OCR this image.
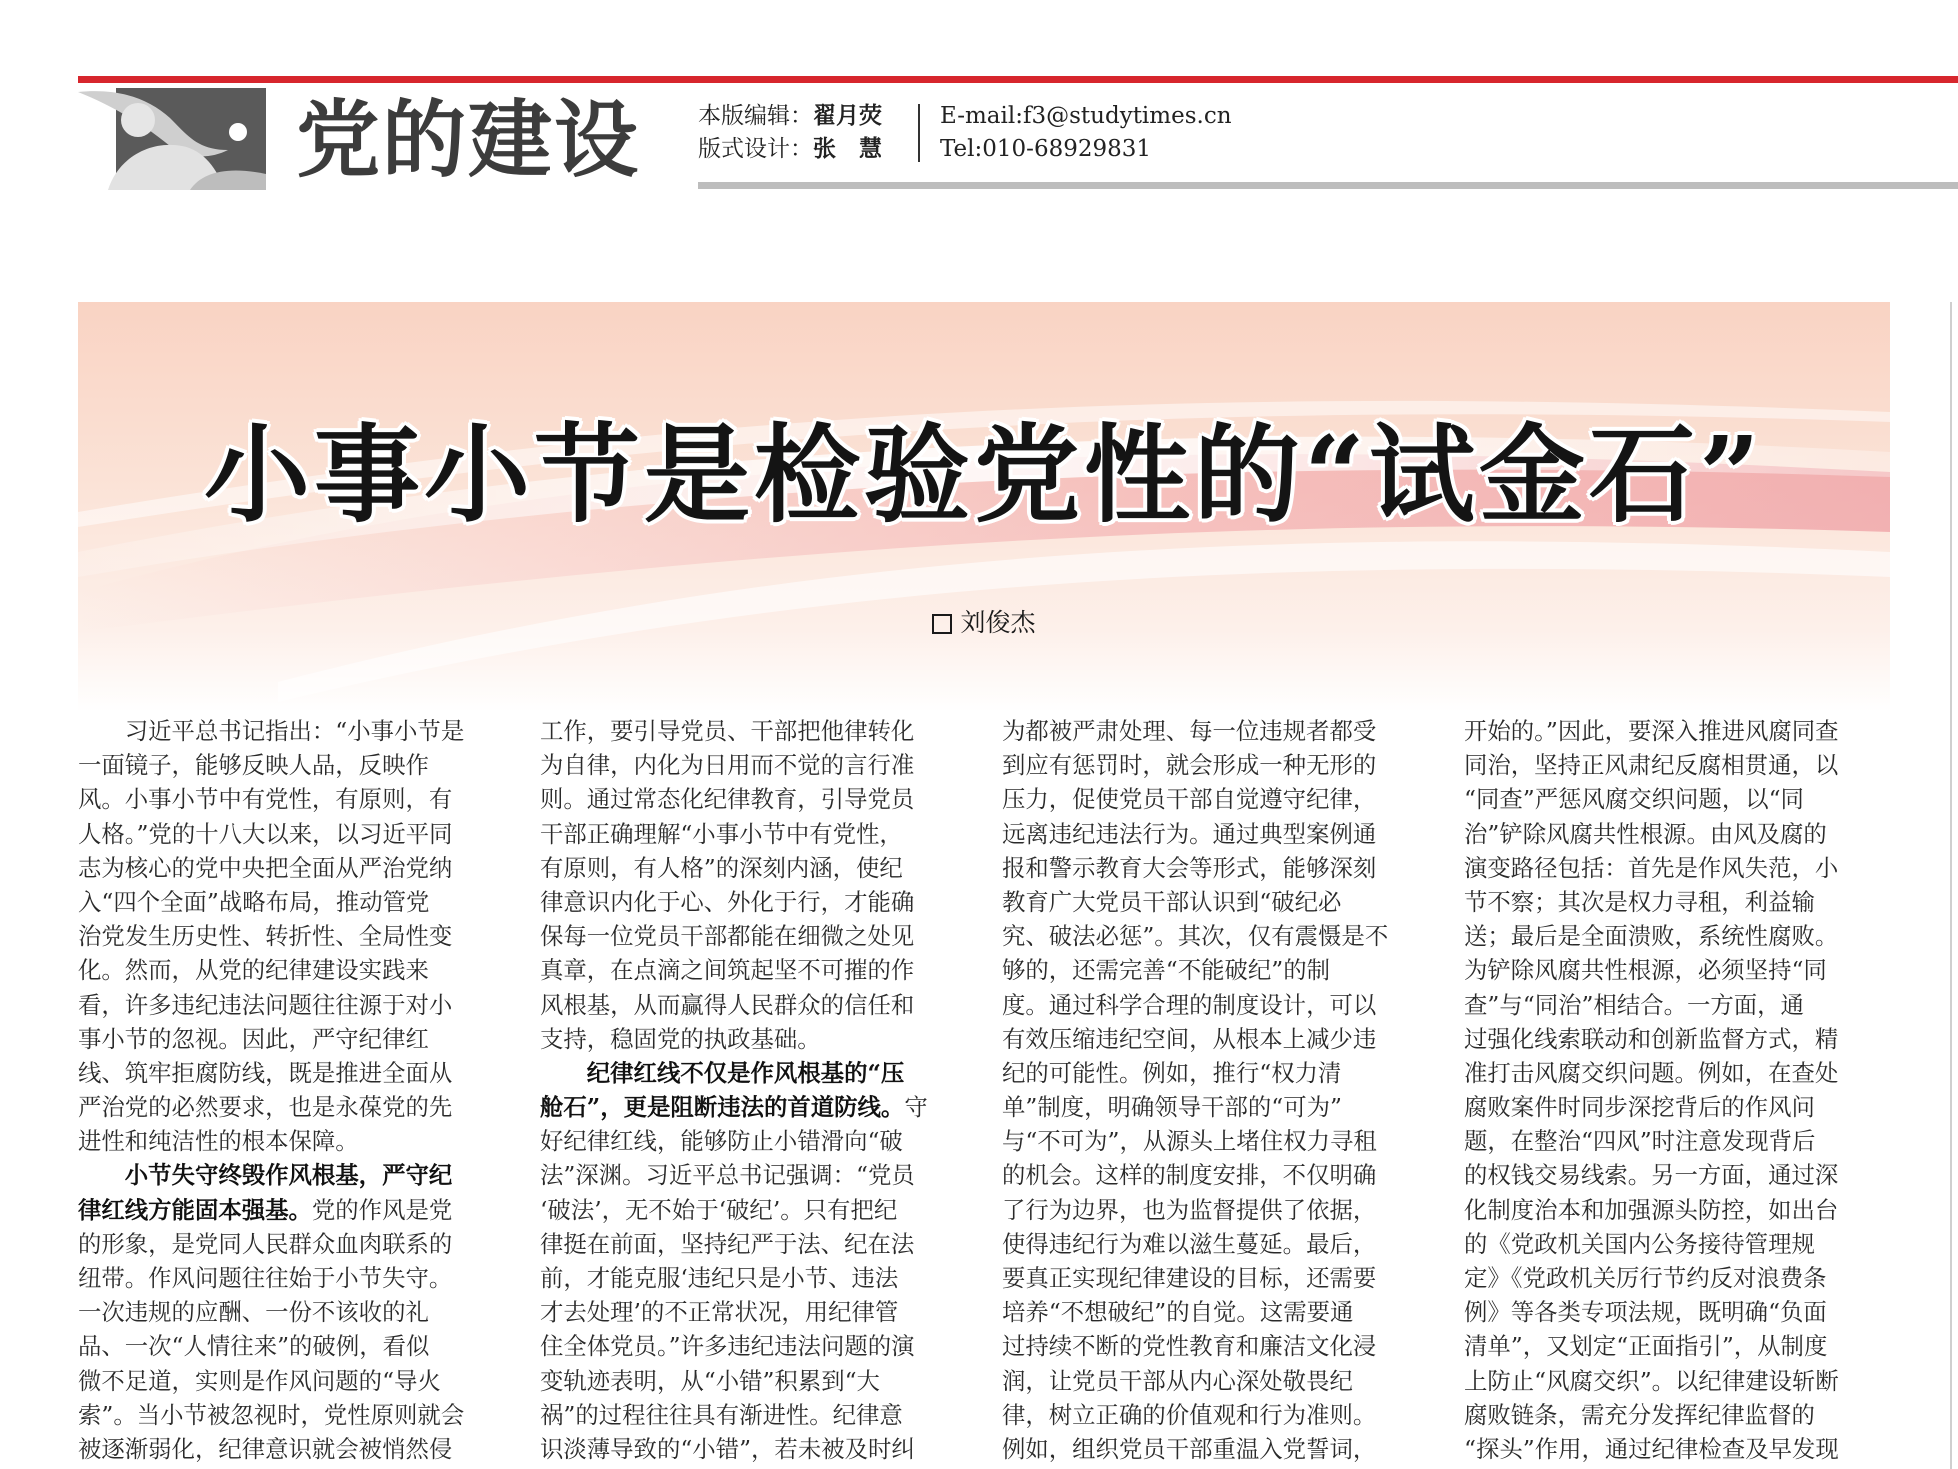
党的建设	本版编辑：翟月荧
版式设计：张　慧
E-mail:f3@studytimes.cn
Tel:010-68929831
小事小节是检验党性的“试金石”
刘俊杰
　　习近平总书记指出：“小事小节是
一面镜子，能够反映人品，反映作
风。小事小节中有党性，有原则，有
人格。”党的十八大以来，以习近平同
志为核心的党中央把全面从严治党纳
入“四个全面”战略布局，推动管党
治党发生历史性、转折性、全局性变
化。然而，从党的纪律建设实践来
看，许多违纪违法问题往往源于对小
事小节的忽视。因此，严守纪律红
线、筑牢拒腐防线，既是推进全面从
严治党的必然要求，也是永葆党的先
进性和纯洁性的根本保障。
　　小节失守终毁作风根基，严守纪
律红线方能固本强基。党的作风是党
的形象，是党同人民群众血肉联系的
纽带。作风问题往往始于小节失守。
一次违规的应酬、一份不该收的礼
品、一次“人情往来”的破例，看似
微不足道，实则是作风问题的“导火
索”。当小节被忽视时，党性原则就会
被逐渐弱化，纪律意识就会被悄然侵
工作，要引导党员、干部把他律转化
为自律，内化为日用而不觉的言行准
则。通过常态化纪律教育，引导党员
干部正确理解“小事小节中有党性，
有原则，有人格”的深刻内涵，使纪
律意识内化于心、外化于行，才能确
保每一位党员干部都能在细微之处见
真章，在点滴之间筑起坚不可摧的作
风根基，从而赢得人民群众的信任和
支持，稳固党的执政基础。
　　纪律红线不仅是作风根基的“压
舱石”，更是阻断违法的首道防线。守
好纪律红线，能够防止小错滑向“破
法”深渊。习近平总书记强调：“党员
‘破法’，无不始于‘破纪’。只有把纪
律挺在前面，坚持纪严于法、纪在法
前，才能克服‘违纪只是小节、违法
才去处理’的不正常状况，用纪律管
住全体党员。”许多违纪违法问题的演
变轨迹表明，从“小错”积累到“大
祸”的过程往往具有渐进性。纪律意
识淡薄导致的“小错”，若未被及时纠
为都被严肃处理、每一位违规者都受
到应有惩罚时，就会形成一种无形的
压力，促使党员干部自觉遵守纪律，
远离违纪违法行为。通过典型案例通
报和警示教育大会等形式，能够深刻
教育广大党员干部认识到“破纪必
究、破法必惩”。其次，仅有震慑是不
够的，还需完善“不能破纪”的制
度。通过科学合理的制度设计，可以
有效压缩违纪空间，从根本上减少违
纪的可能性。例如，推行“权力清
单”制度，明确领导干部的“可为”
与“不可为”，从源头上堵住权力寻租
的机会。这样的制度安排，不仅明确
了行为边界，也为监督提供了依据，
使得违纪行为难以滋生蔓延。最后，
要真正实现纪律建设的目标，还需要
培养“不想破纪”的自觉。这需要通
过持续不断的党性教育和廉洁文化浸
润，让党员干部从内心深处敬畏纪
律，树立正确的价值观和行为准则。
例如，组织党员干部重温入党誓词，
开始的。”因此，要深入推进风腐同查
同治，坚持正风肃纪反腐相贯通，以
“同查”严惩风腐交织问题，以“同
治”铲除风腐共性根源。由风及腐的
演变路径包括：首先是作风失范，小
节不察；其次是权力寻租，利益输
送；最后是全面溃败，系统性腐败。
为铲除风腐共性根源，必须坚持“同
查”与“同治”相结合。一方面，通
过强化线索联动和创新监督方式，精
准打击风腐交织问题。例如，在查处
腐败案件时同步深挖背后的作风问
题，在整治“四风”时注意发现背后
的权钱交易线索。另一方面，通过深
化制度治本和加强源头防控，如出台
的《党政机关国内公务接待管理规
定》《党政机关厉行节约反对浪费条
例》等各类专项法规，既明确“负面
清单”，又划定“正面指引”，从制度
上防止“风腐交织”。以纪律建设斩断
腐败链条，需充分发挥纪律监督的
“探头”作用，通过纪律检查及早发现
